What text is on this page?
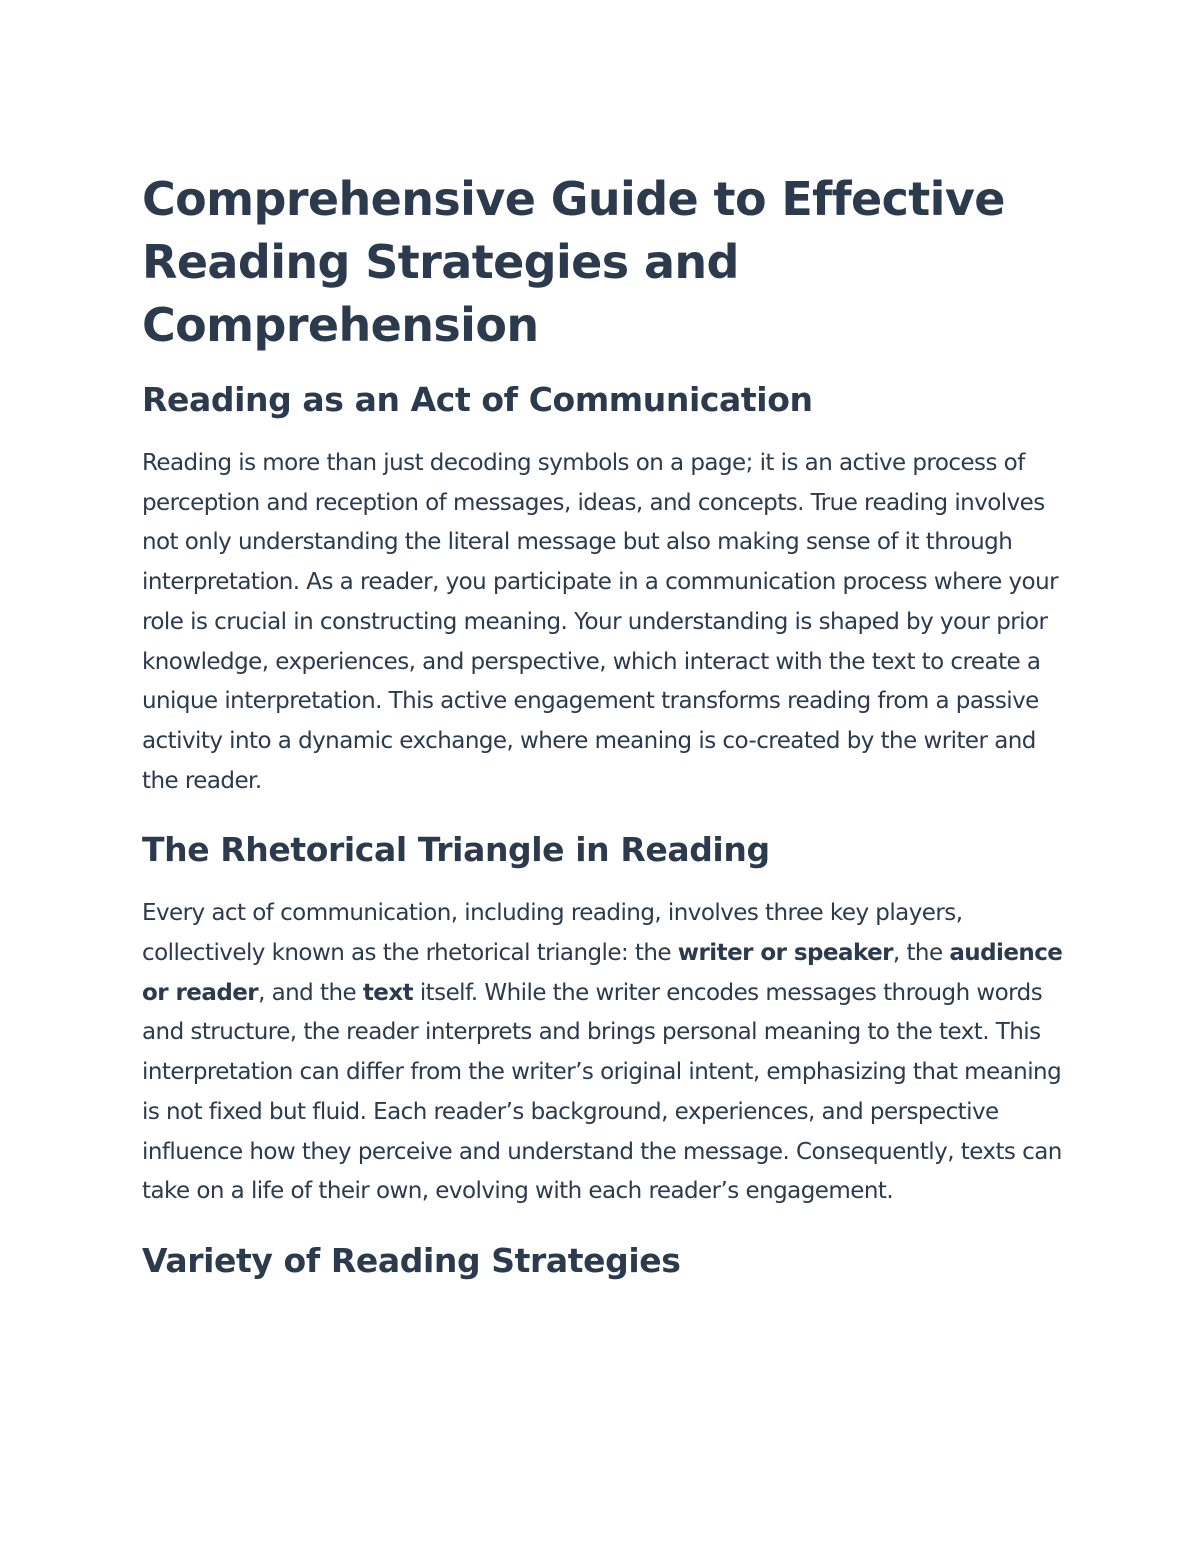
Comprehensive Guide to Effective Reading Strategies and Comprehension
Reading as an Act of Communication

Reading is more than just decoding symbols on a page; it is an active process of perception and reception of messages, ideas, and concepts. True reading involves not only understanding the literal message but also making sense of it through interpretation. As a reader, you participate in a communication process where your role is crucial in constructing meaning. Your understanding is shaped by your prior knowledge, experiences, and perspective, which interact with the text to create a unique interpretation. This active engagement transforms reading from a passive activity into a dynamic exchange, where meaning is co-created by the writer and the reader.

The Rhetorical Triangle in Reading

Every act of communication, including reading, involves three key players, collectively known as the rhetorical triangle: the writer or speaker, the audience or reader, and the text itself. While the writer encodes messages through words and structure, the reader interprets and brings personal meaning to the text. This interpretation can differ from the writer’s original intent, emphasizing that meaning is not fixed but fluid. Each reader’s background, experiences, and perspective influence how they perceive and understand the message. Consequently, texts can take on a life of their own, evolving with each reader’s engagement.

Variety of Reading Strategies
